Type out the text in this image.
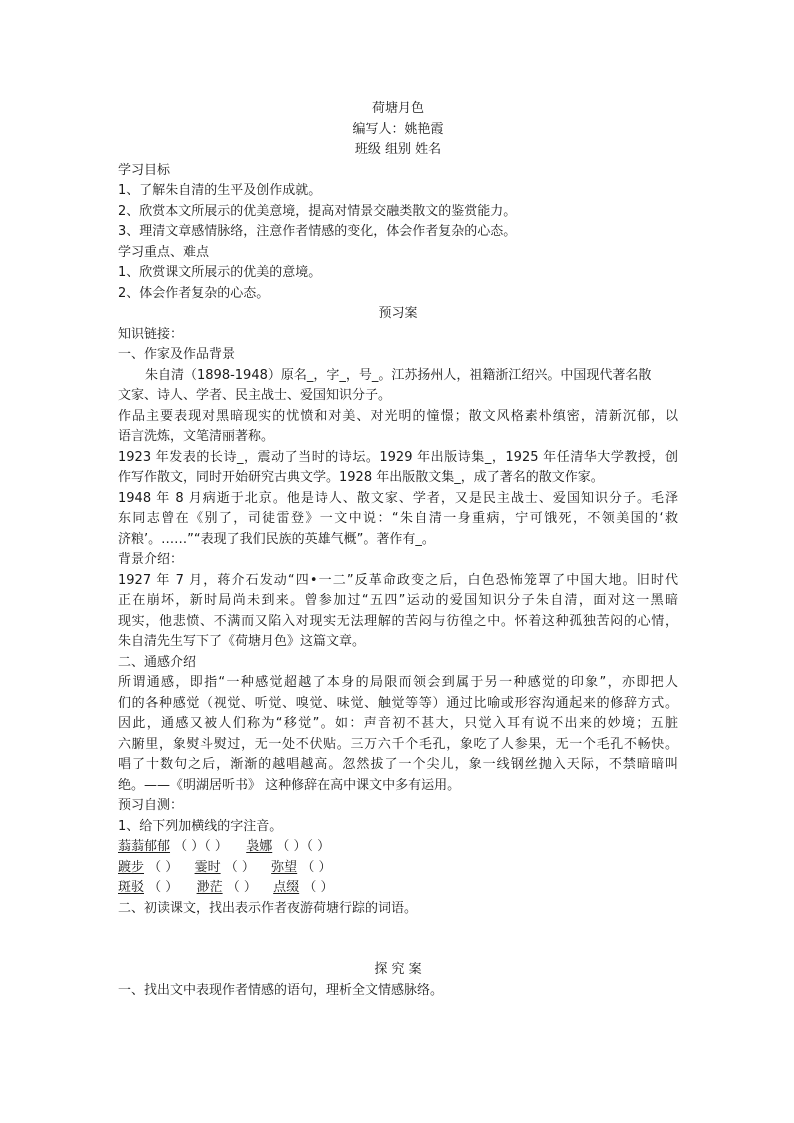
荷塘月色
编写人：姚艳霞
班级 组别 姓名
学习目标
1、了解朱自清的生平及创作成就。
2、欣赏本文所展示的优美意境，提高对情景交融类散文的鉴赏能力。
3、理清文章感情脉络，注意作者情感的变化，体会作者复杂的心态。
学习重点、难点
1、欣赏课文所展示的优美的意境。
2、体会作者复杂的心态。
预习案
知识链接：
一、作家及作品背景
朱自清（1898-1948）原名_，字_，号_。江苏扬州人，祖籍浙江绍兴。中国现代著名散
文家、诗人、学者、民主战士、爱国知识分子。
作品主要表现对黑暗现实的忧愤和对美、对光明的憧憬；散文风格素朴缜密，清新沉郁，以
语言洗炼，文笔清丽著称。
1923 年发表的长诗_，震动了当时的诗坛。1929 年出版诗集_，1925 年任清华大学教授，创
作写作散文，同时开始研究古典文学。1928 年出版散文集_，成了著名的散文作家。
1948 年 8 月病逝于北京。他是诗人、散文家、学者，又是民主战士、爱国知识分子。毛泽
东同志曾在《别了，司徒雷登》一文中说：“朱自清一身重病，宁可饿死，不领美国的‘救
济粮’。……”“表现了我们民族的英雄气概”。著作有_。
背景介绍：
1927 年 7 月，蒋介石发动“四•一二”反革命政变之后，白色恐怖笼罩了中国大地。旧时代
正在崩坏，新时局尚未到来。曾参加过“五四”运动的爱国知识分子朱自清，面对这一黑暗
现实，他悲愤、不满而又陷入对现实无法理解的苦闷与彷徨之中。怀着这种孤独苦闷的心情，
朱自清先生写下了《荷塘月色》这篇文章。
二、通感介绍
所谓通感，即指“一种感觉超越了本身的局限而领会到属于另一种感觉的印象”，亦即把人
们的各种感觉（视觉、听觉、嗅觉、味觉、触觉等等）通过比喻或形容沟通起来的修辞方式。
因此，通感又被人们称为“移觉”。如：声音初不甚大，只觉入耳有说不出来的妙境；五脏
六腑里，象熨斗熨过，无一处不伏贴。三万六千个毛孔，象吃了人参果，无一个毛孔不畅快。
唱了十数句之后，渐渐的越唱越高。忽然拔了一个尖儿，象一线钢丝抛入天际，不禁暗暗叫
绝。——《明湖居听书》 这种修辞在高中课文中多有运用。
预习自测：
1、给下列加横线的字注音。
蓊蓊郁郁 （ ）（ ） 袅娜 （ ）（ ）
踱步 （ ） 霎时 （ ） 弥望 （ ）
斑驳 （ ） 渺茫 （ ） 点缀 （ ）
二、初读课文，找出表示作者夜游荷塘行踪的词语。
探 究 案
一、找出文中表现作者情感的语句，理析全文情感脉络。
